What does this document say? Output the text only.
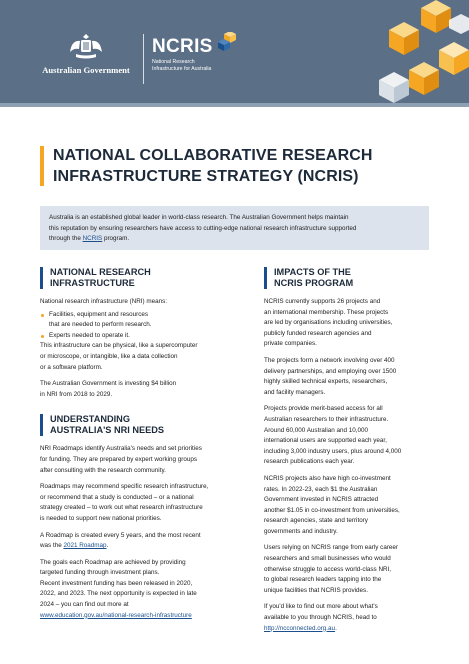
Australian Government
NCRIS
National Research
Infrastructure for Australia
NATIONAL COLLABORATIVE RESEARCH
INFRASTRUCTURE STRATEGY (NCRIS)
Australia is an established global leader in world-class research. The Australian Government helps maintain
this reputation by ensuring researchers have access to cutting-edge national research infrastructure supported
through the NCRIS program.
NATIONAL RESEARCH
INFRASTRUCTURE

National research infrastructure (NRI) means:

Facilities, equipment and resources
that are needed to perform research.
Experts needed to operate it.

This infrastructure can be physical, like a supercomputer
or microscope, or intangible, like a data collection
or a software platform.

The Australian Government is investing $4 billion
in NRI from 2018 to 2029.

UNDERSTANDING
AUSTRALIA'S NRI NEEDS

NRI Roadmaps identify Australia's needs and set priorities
for funding. They are prepared by expert working groups
after consulting with the research community.

Roadmaps may recommend specific research infrastructure,
or recommend that a study is conducted – or a national
strategy created – to work out what research infrastructure
is needed to support new national priorities.

A Roadmap is created every 5 years, and the most recent
was the 2021 Roadmap.

The goals each Roadmap are achieved by providing
targeted funding through investment plans.
Recent investment funding has been released in 2020,
2022, and 2023. The next opportunity is expected in late
2024 – you can find out more at
www.education.gov.au/national-research-infrastructure

IMPACTS OF THE
NCRIS PROGRAM

NCRIS currently supports 26 projects and
an international membership. These projects
are led by organisations including universities,
publicly funded research agencies and
private companies.

The projects form a network involving over 400
delivery partnerships, and employing over 1500
highly skilled technical experts, researchers,
and facility managers.

Projects provide merit-based access for all
Australian researchers to their infrastructure.
Around 60,000 Australian and 10,000
international users are supported each year,
including 3,000 industry users, plus around 4,000
research publications each year.

NCRIS projects also have high co-investment
rates. In 2022-23, each $1 the Australian
Government invested in NCRIS attracted
another $1.05 in co-investment from universities,
research agencies, state and territory
governments and industry.

Users relying on NCRIS range from early career
researchers and small businesses who would
otherwise struggle to access world-class NRI,
to global research leaders tapping into the
unique facilities that NCRIS provides.

If you'd like to find out more about what's
available to you through NCRIS, head to
http://ncconnected.org.au.
